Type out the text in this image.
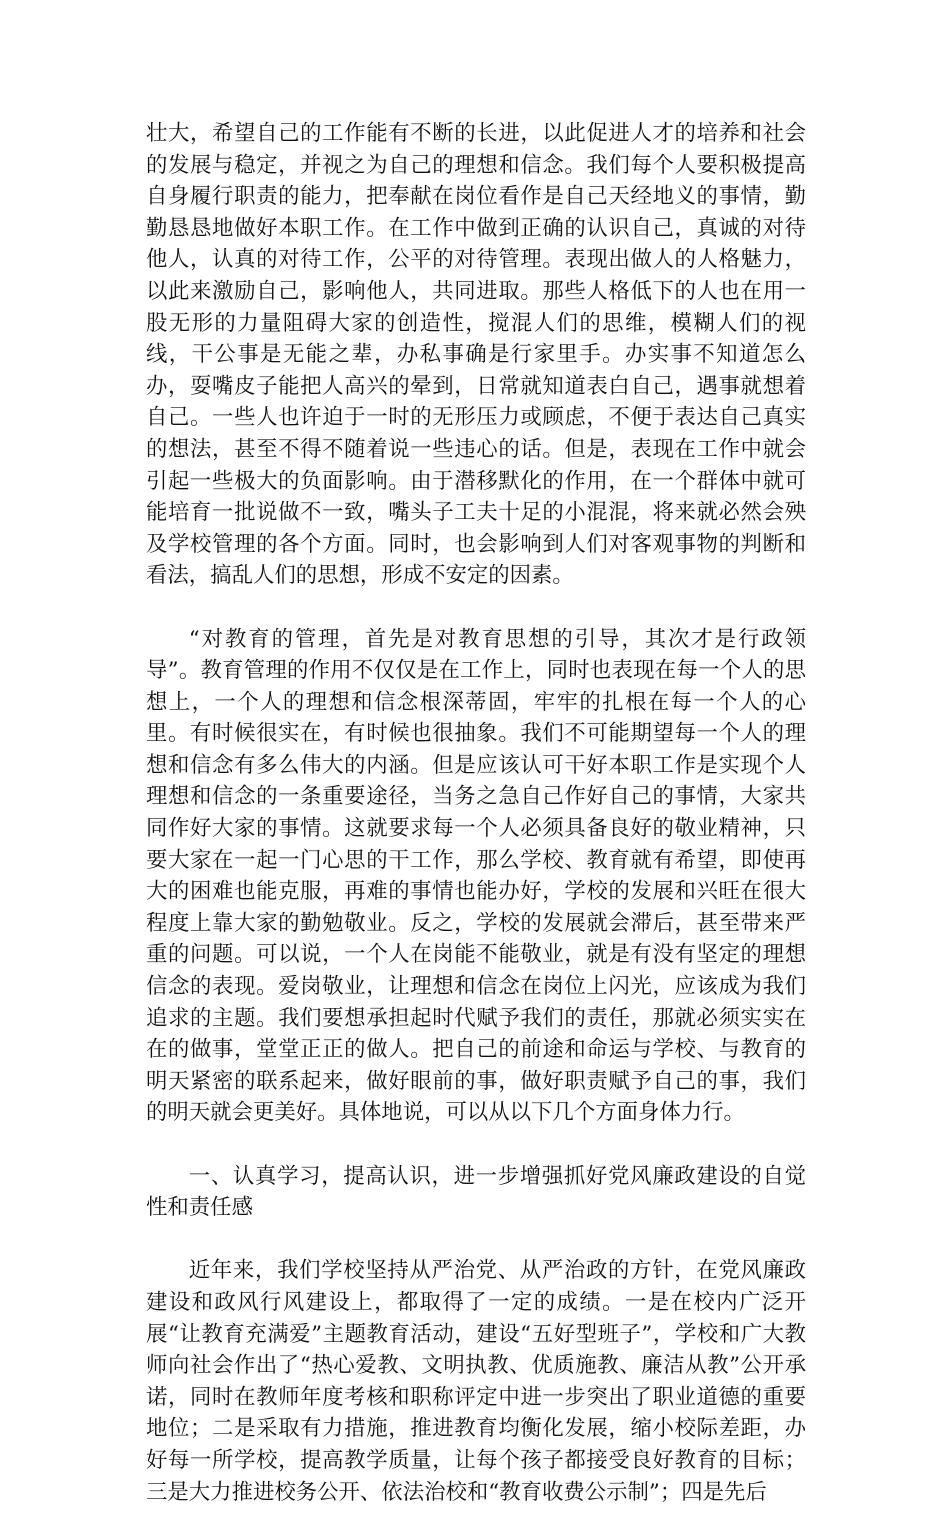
壮大，希望自己的工作能有不断的长进，以此促进人才的培养和社会的发展与稳定，并视之为自己的理想和信念。我们每个人要积极提高自身履行职责的能力，把奉献在岗位看作是自己天经地义的事情，勤勤恳恳地做好本职工作。在工作中做到正确的认识自己，真诚的对待他人，认真的对待工作，公平的对待管理。表现出做人的人格魅力，以此来激励自己，影响他人，共同进取。那些人格低下的人也在用一股无形的力量阻碍大家的创造性，搅混人们的思维，模糊人们的视线，干公事是无能之辈，办私事确是行家里手。办实事不知道怎么办，耍嘴皮子能把人高兴的晕到，日常就知道表白自己，遇事就想着自己。一些人也许迫于一时的无形压力或顾虑，不便于表达自己真实的想法，甚至不得不随着说一些违心的话。但是，表现在工作中就会引起一些极大的负面影响。由于潜移默化的作用，在一个群体中就可能培育一批说做不一致，嘴头子工夫十足的小混混，将来就必然会殃及学校管理的各个方面。同时，也会影响到人们对客观事物的判断和看法，搞乱人们的思想，形成不安定的因素。

“对教育的管理，首先是对教育思想的引导，其次才是行政领导”。教育管理的作用不仅仅是在工作上，同时也表现在每一个人的思想上，一个人的理想和信念根深蒂固，牢牢的扎根在每一个人的心里。有时候很实在，有时候也很抽象。我们不可能期望每一个人的理想和信念有多么伟大的内涵。但是应该认可干好本职工作是实现个人理想和信念的一条重要途径，当务之急自己作好自己的事情，大家共同作好大家的事情。这就要求每一个人必须具备良好的敬业精神，只要大家在一起一门心思的干工作，那么学校、教育就有希望，即使再大的困难也能克服，再难的事情也能办好，学校的发展和兴旺在很大程度上靠大家的勤勉敬业。反之，学校的发展就会滞后，甚至带来严重的问题。可以说，一个人在岗能不能敬业，就是有没有坚定的理想信念的表现。爱岗敬业，让理想和信念在岗位上闪光，应该成为我们追求的主题。我们要想承担起时代赋予我们的责任，那就必须实实在在的做事，堂堂正正的做人。把自己的前途和命运与学校、与教育的明天紧密的联系起来，做好眼前的事，做好职责赋予自己的事，我们的明天就会更美好。具体地说，可以从以下几个方面身体力行。

一、认真学习，提高认识，进一步增强抓好党风廉政建设的自觉性和责任感

近年来，我们学校坚持从严治党、从严治政的方针，在党风廉政建设和政风行风建设上，都取得了一定的成绩。一是在校内广泛开展“让教育充满爱”主题教育活动，建设“五好型班子”，学校和广大教师向社会作出了“热心爱教、文明执教、优质施教、廉洁从教”公开承诺，同时在教师年度考核和职称评定中进一步突出了职业道德的重要地位；二是采取有力措施，推进教育均衡化发展，缩小校际差距，办好每一所学校，提高教学质量，让每个孩子都接受良好教育的目标；三是大力推进校务公开、依法治校和“教育收费公示制”；四是先后
